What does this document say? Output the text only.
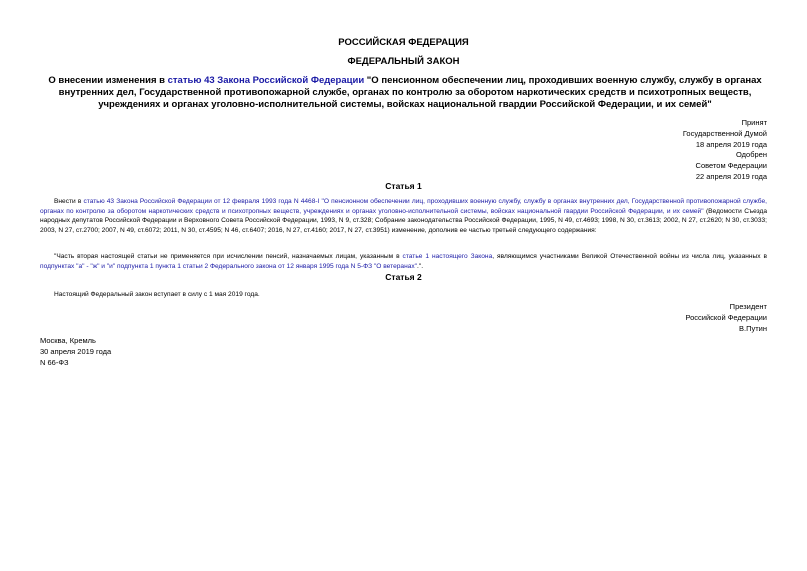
РОССИЙСКАЯ ФЕДЕРАЦИЯ
ФЕДЕРАЛЬНЫЙ ЗАКОН
О внесении изменения в статью 43 Закона Российской Федерации "О пенсионном обеспечении лиц, проходивших военную службу, службу в органах внутренних дел, Государственной противопожарной службе, органах по контролю за оборотом наркотических средств и психотропных веществ, учреждениях и органах уголовно-исполнительной системы, войсках национальной гвардии Российской Федерации, и их семей"
Принят
Государственной Думой
18 апреля 2019 года
Одобрен
Советом Федерации
22 апреля 2019 года
Статья 1
Внести в статью 43 Закона Российской Федерации от 12 февраля 1993 года N 4468-I "О пенсионном обеспечении лиц, проходивших военную службу, службу в органах внутренних дел, Государственной противопожарной службе, органах по контролю за оборотом наркотических средств и психотропных веществ, учреждениях и органах уголовно-исполнительной системы, войсках национальной гвардии Российской Федерации, и их семей" (Ведомости Съезда народных депутатов Российской Федерации и Верховного Совета Российской Федерации, 1993, N 9, ст.328; Собрание законодательства Российской Федерации, 1995, N 49, ст.4693; 1998, N 30, ст.3613; 2002, N 27, ст.2620; N 30, ст.3033; 2003, N 27, ст.2700; 2007, N 49, ст.6072; 2011, N 30, ст.4595; N 46, ст.6407; 2016, N 27, ст.4160; 2017, N 27, ст.3951) изменение, дополнив ее частью третьей следующего содержания:
"Часть вторая настоящей статьи не применяется при исчислении пенсий, назначаемых лицам, указанным в статье 1 настоящего Закона, являющимся участниками Великой Отечественной войны из числа лиц, указанных в подпунктах "а" - "ж" и "и" подпункта 1 пункта 1 статьи 2 Федерального закона от 12 января 1995 года N 5-ФЗ "О ветеранах".".
Статья 2
Настоящий Федеральный закон вступает в силу с 1 мая 2019 года.
Президент
Российской Федерации
В.Путин
Москва, Кремль
30 апреля 2019 года
N 66-ФЗ
